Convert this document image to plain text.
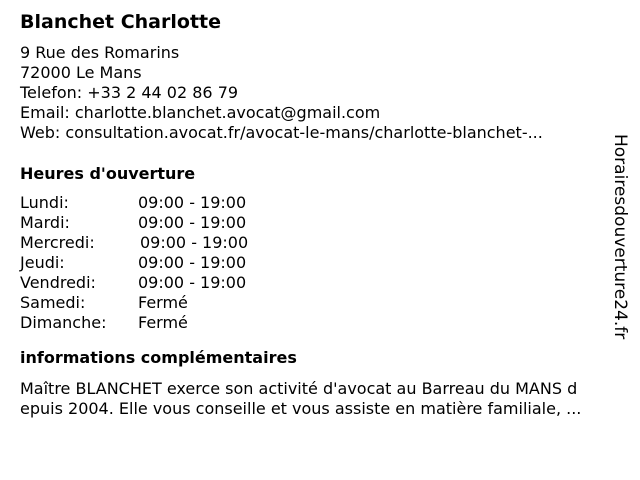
Blanchet Charlotte
9 Rue des Romarins
72000 Le Mans
Telefon: +33 2 44 02 86 79
Email: charlotte.blanchet.avocat@gmail.com
Web: consultation.avocat.fr/avocat-le-mans/charlotte-blanchet-...
Heures d'ouverture
Lundi:	09:00 - 19:00
Mardi:	09:00 - 19:00
Mercredi:	09:00 - 19:00
Jeudi:	09:00 - 19:00
Vendredi:	09:00 - 19:00
Samedi:	Fermé
Dimanche:	Fermé
informations complémentaires
Maître BLANCHET exerce son activité d'avocat au Barreau du MANS d
epuis 2004. Elle vous conseille et vous assiste en matière familiale, ...
Horairesdouverture24.fr
